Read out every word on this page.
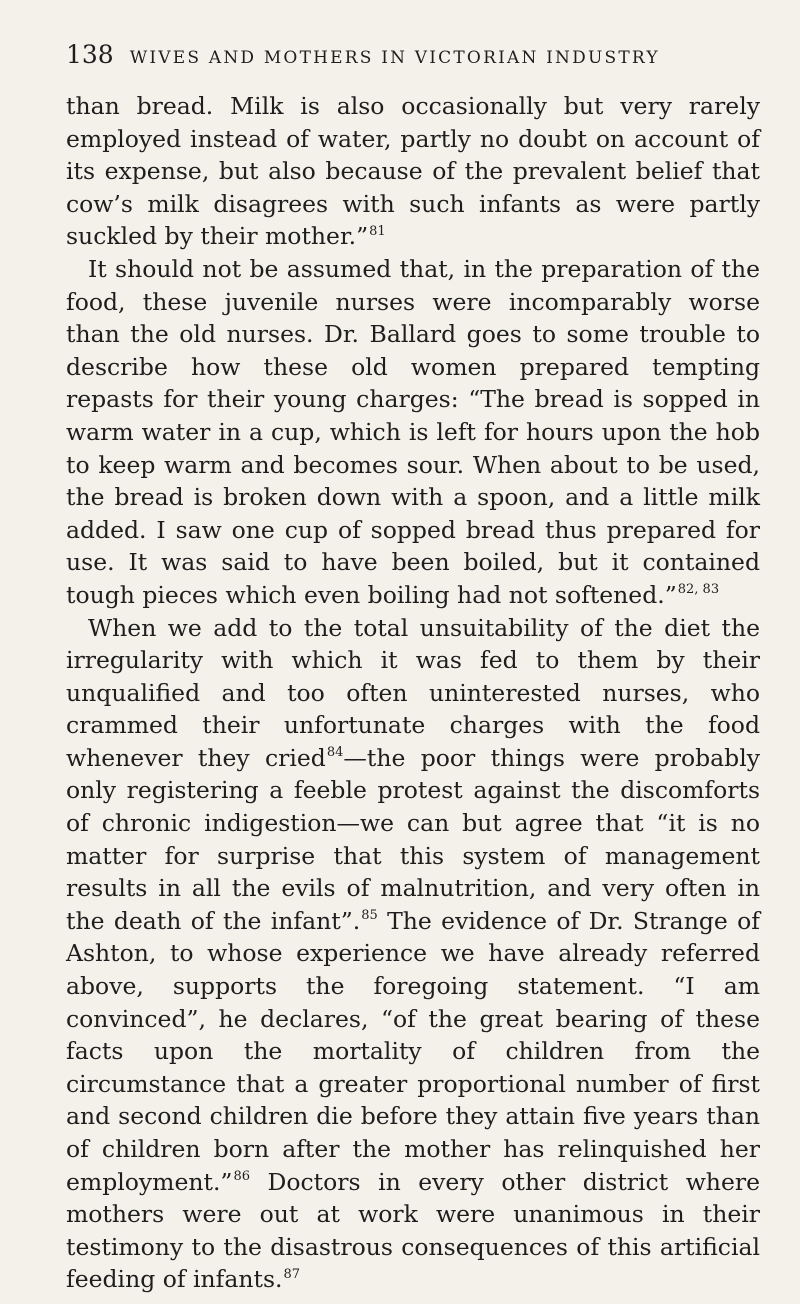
138 WIVES AND MOTHERS IN VICTORIAN INDUSTRY

than bread. Milk is also occasionally but very rarely employed instead of water, partly no doubt on account of its expense, but also because of the prevalent belief that cow’s milk disagrees with such infants as were partly suckled by their mother.”$^{81}$

It should not be assumed that, in the preparation of the food, these juvenile nurses were incomparably worse than the old nurses. Dr. Ballard goes to some trouble to describe how these old women prepared tempting repasts for their young charges: “The bread is sopped in warm water in a cup, which is left for hours upon the hob to keep warm and becomes sour. When about to be used, the bread is broken down with a spoon, and a little milk added. I saw one cup of sopped bread thus prepared for use. It was said to have been boiled, but it contained tough pieces which even boiling had not softened.”$^{82, 83}$

When we add to the total unsuitability of the diet the irregularity with which it was fed to them by their unqualified and too often uninterested nurses, who crammed their unfortunate charges with the food whenever they cried$^{84}$—the poor things were probably only registering a feeble protest against the discomforts of chronic indigestion—we can but agree that “it is no matter for surprise that this system of management results in all the evils of malnutrition, and very often in the death of the infant”.$^{85}$ The evidence of Dr. Strange of Ashton, to whose experience we have already referred above, supports the foregoing statement. “I am convinced”, he declares, “of the great bearing of these facts upon the mortality of children from the circumstance that a greater proportional number of first and second children die before they attain five years than of children born after the mother has relinquished her employment.”$^{86}$ Doctors in every other district where mothers were out at work were unanimous in their testimony to the disastrous consequences of this artificial feeding of infants.$^{87}$
